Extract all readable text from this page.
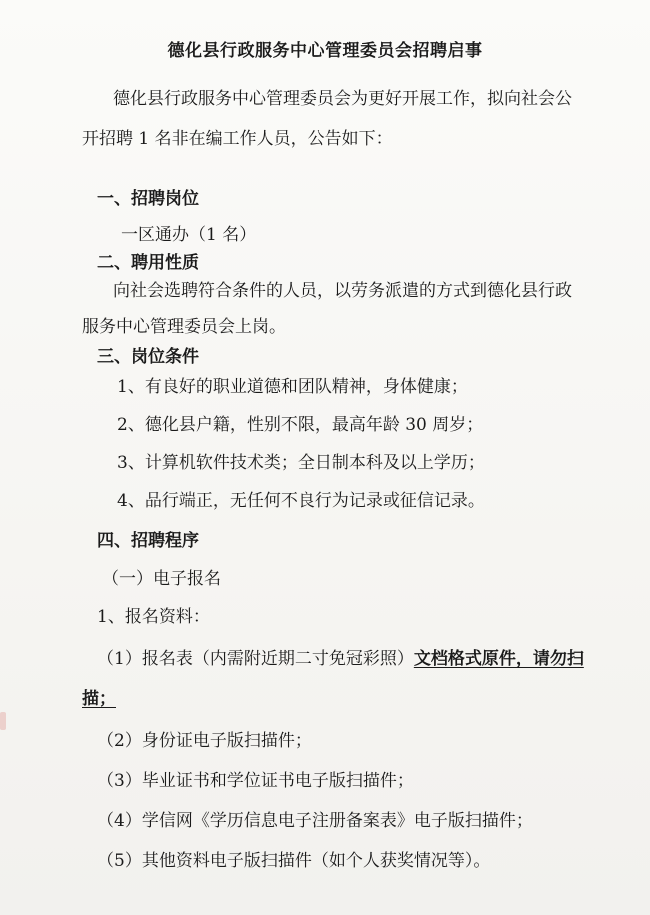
德化县行政服务中心管理委员会招聘启事
德化县行政服务中心管理委员会为更好开展工作，拟向社会公
开招聘 1 名非在编工作人员，公告如下：
一、招聘岗位
一区通办（1 名）
二、聘用性质
向社会选聘符合条件的人员，以劳务派遣的方式到德化县行政
服务中心管理委员会上岗。
三、岗位条件
1、有良好的职业道德和团队精神，身体健康；
2、德化县户籍，性别不限，最高年龄 30 周岁；
3、计算机软件技术类；全日制本科及以上学历；
4、品行端正，无任何不良行为记录或征信记录。
四、招聘程序
（一）电子报名
1、报名资料：
（1）报名表（内需附近期二寸免冠彩照）文档格式原件，请勿扫
描；
（2）身份证电子版扫描件；
（3）毕业证书和学位证书电子版扫描件；
（4）学信网《学历信息电子注册备案表》电子版扫描件；
（5）其他资料电子版扫描件（如个人获奖情况等）。
